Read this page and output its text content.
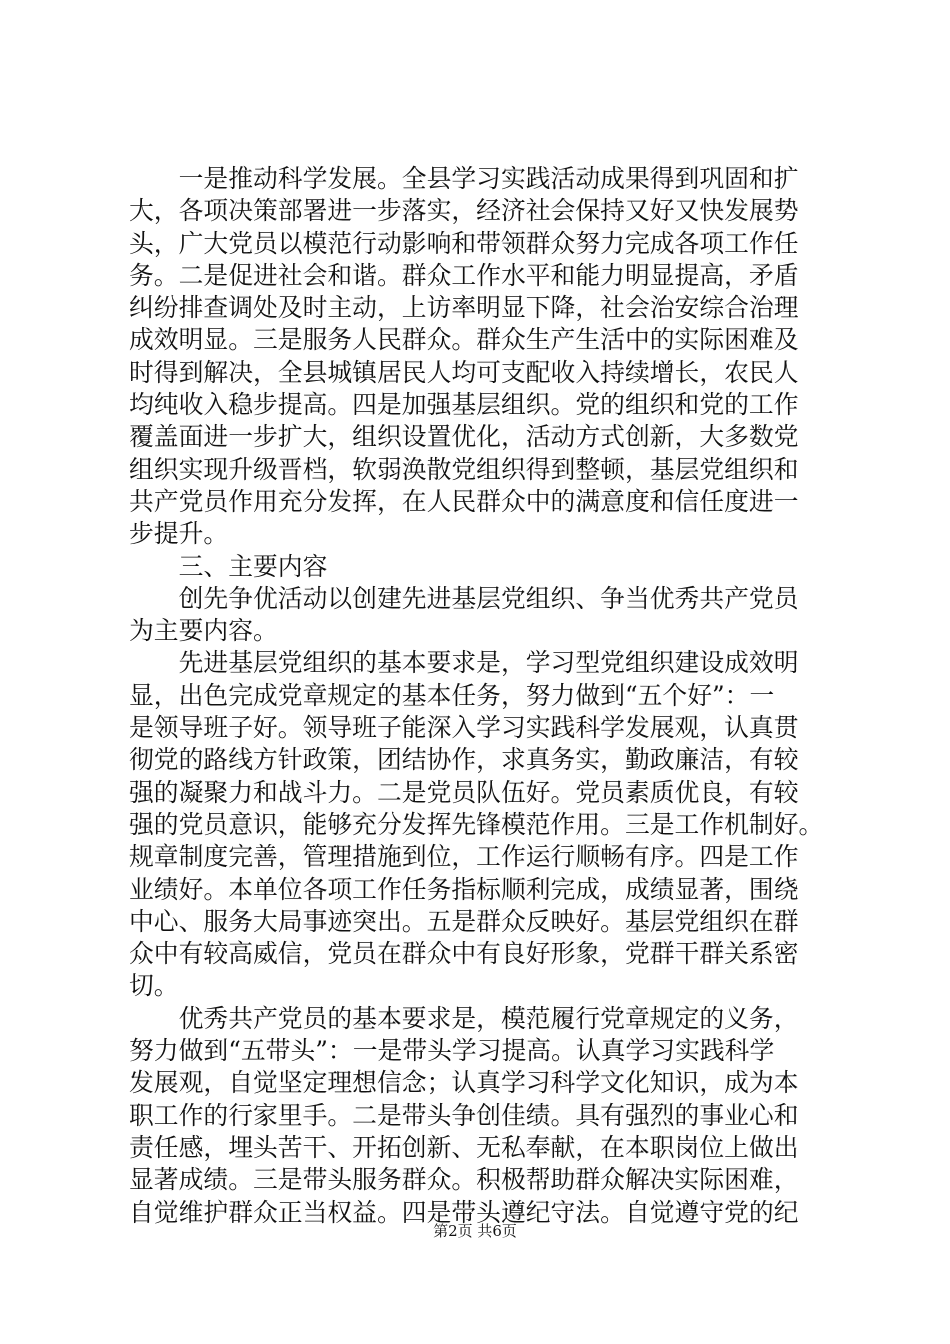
　　一是推动科学发展。全县学习实践活动成果得到巩固和扩
大，各项决策部署进一步落实，经济社会保持又好又快发展势
头，广大党员以模范行动影响和带领群众努力完成各项工作任
务。二是促进社会和谐。群众工作水平和能力明显提高，矛盾
纠纷排查调处及时主动，上访率明显下降，社会治安综合治理
成效明显。三是服务人民群众。群众生产生活中的实际困难及
时得到解决，全县城镇居民人均可支配收入持续增长，农民人
均纯收入稳步提高。四是加强基层组织。党的组织和党的工作
覆盖面进一步扩大，组织设置优化，活动方式创新，大多数党
组织实现升级晋档，软弱涣散党组织得到整顿，基层党组织和
共产党员作用充分发挥，在人民群众中的满意度和信任度进一
步提升。
　　三、主要内容
　　创先争优活动以创建先进基层党组织、争当优秀共产党员
为主要内容。
　　先进基层党组织的基本要求是，学习型党组织建设成效明
显，出色完成党章规定的基本任务，努力做到“五个好”：一
是领导班子好。领导班子能深入学习实践科学发展观，认真贯
彻党的路线方针政策，团结协作，求真务实，勤政廉洁，有较
强的凝聚力和战斗力。二是党员队伍好。党员素质优良，有较
强的党员意识，能够充分发挥先锋模范作用。三是工作机制好。
规章制度完善，管理措施到位，工作运行顺畅有序。四是工作
业绩好。本单位各项工作任务指标顺利完成，成绩显著，围绕
中心、服务大局事迹突出。五是群众反映好。基层党组织在群
众中有较高威信，党员在群众中有良好形象，党群干群关系密
切。
　　优秀共产党员的基本要求是，模范履行党章规定的义务，
努力做到“五带头”：一是带头学习提高。认真学习实践科学
发展观，自觉坚定理想信念；认真学习科学文化知识，成为本
职工作的行家里手。二是带头争创佳绩。具有强烈的事业心和
责任感，埋头苦干、开拓创新、无私奉献，在本职岗位上做出
显著成绩。三是带头服务群众。积极帮助群众解决实际困难，
自觉维护群众正当权益。四是带头遵纪守法。自觉遵守党的纪
第2页 共6页
